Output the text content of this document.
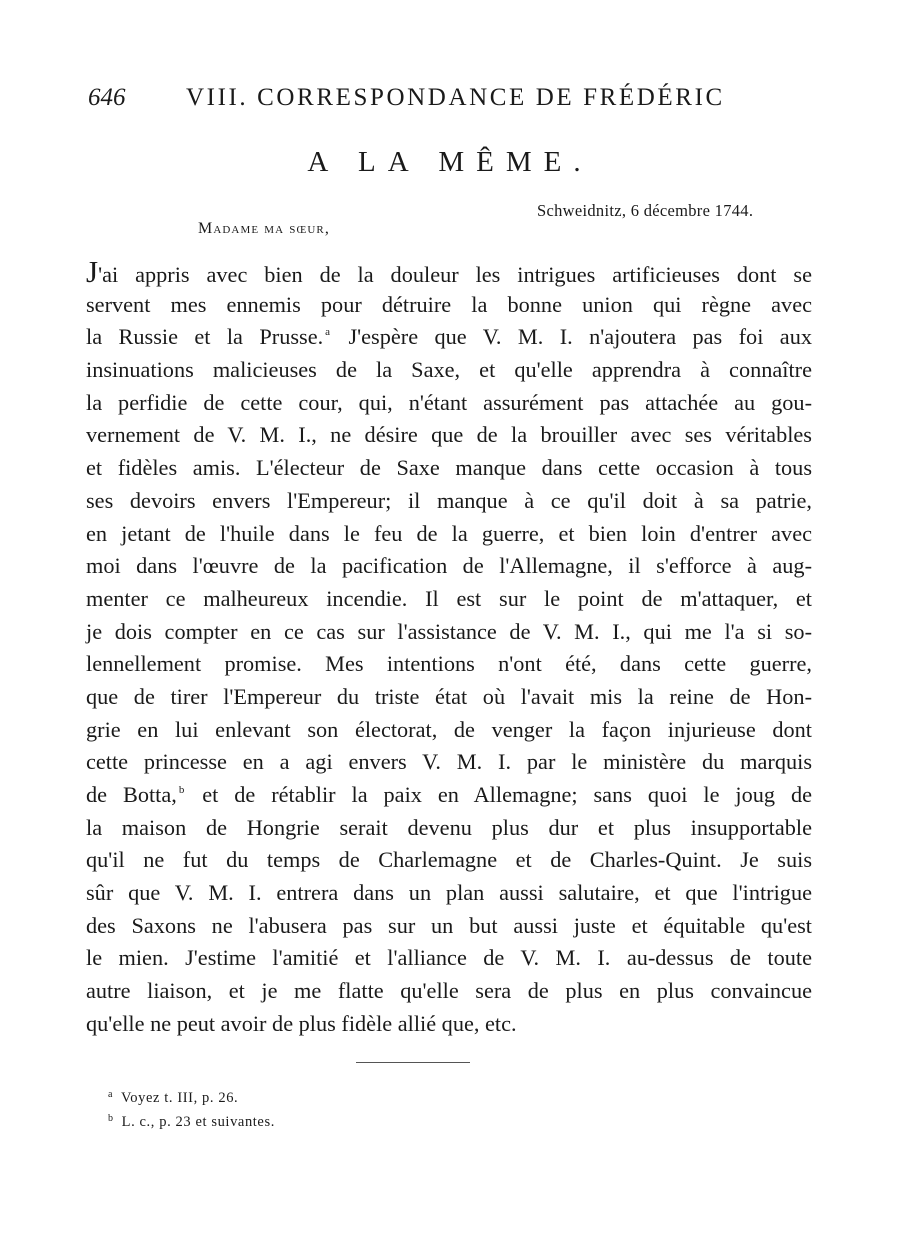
646 VIII. CORRESPONDANCE DE FRÉDÉRIC
A LA MÊME.
Schweidnitz, 6 décembre 1744.
Madame ma sœur,
J'ai appris avec bien de la douleur les intrigues artificieuses dont se
servent mes ennemis pour détruire la bonne union qui règne avec
la Russie et la Prusse. $^a$ J'espère que V. M. I. n'ajoutera pas foi aux
insinuations malicieuses de la Saxe, et qu'elle apprendra à connaître
la perfidie de cette cour, qui, n'étant assurément pas attachée au gou-
vernement de V. M. I., ne désire que de la brouiller avec ses véritables
et fidèles amis. L'électeur de Saxe manque dans cette occasion à tous
ses devoirs envers l'Empereur; il manque à ce qu'il doit à sa patrie,
en jetant de l'huile dans le feu de la guerre, et bien loin d'entrer avec
moi dans l'œuvre de la pacification de l'Allemagne, il s'efforce à aug-
menter ce malheureux incendie. Il est sur le point de m'attaquer, et
je dois compter en ce cas sur l'assistance de V. M. I., qui me l'a si so-
lennellement promise. Mes intentions n'ont été, dans cette guerre,
que de tirer l'Empereur du triste état où l'avait mis la reine de Hon-
grie en lui enlevant son électorat, de venger la façon injurieuse dont
cette princesse en a agi envers V. M. I. par le ministère du marquis
de Botta, $^b$ et de rétablir la paix en Allemagne; sans quoi le joug de
la maison de Hongrie serait devenu plus dur et plus insupportable
qu'il ne fut du temps de Charlemagne et de Charles-Quint. Je suis
sûr que V. M. I. entrera dans un plan aussi salutaire, et que l'intrigue
des Saxons ne l'abusera pas sur un but aussi juste et équitable qu'est
le mien. J'estime l'amitié et l'alliance de V. M. I. au-dessus de toute
autre liaison, et je me flatte qu'elle sera de plus en plus convaincue
qu'elle ne peut avoir de plus fidèle allié que, etc.
$^a$ Voyez t. III, p. 26.
$^b$ L. c., p. 23 et suivantes.
